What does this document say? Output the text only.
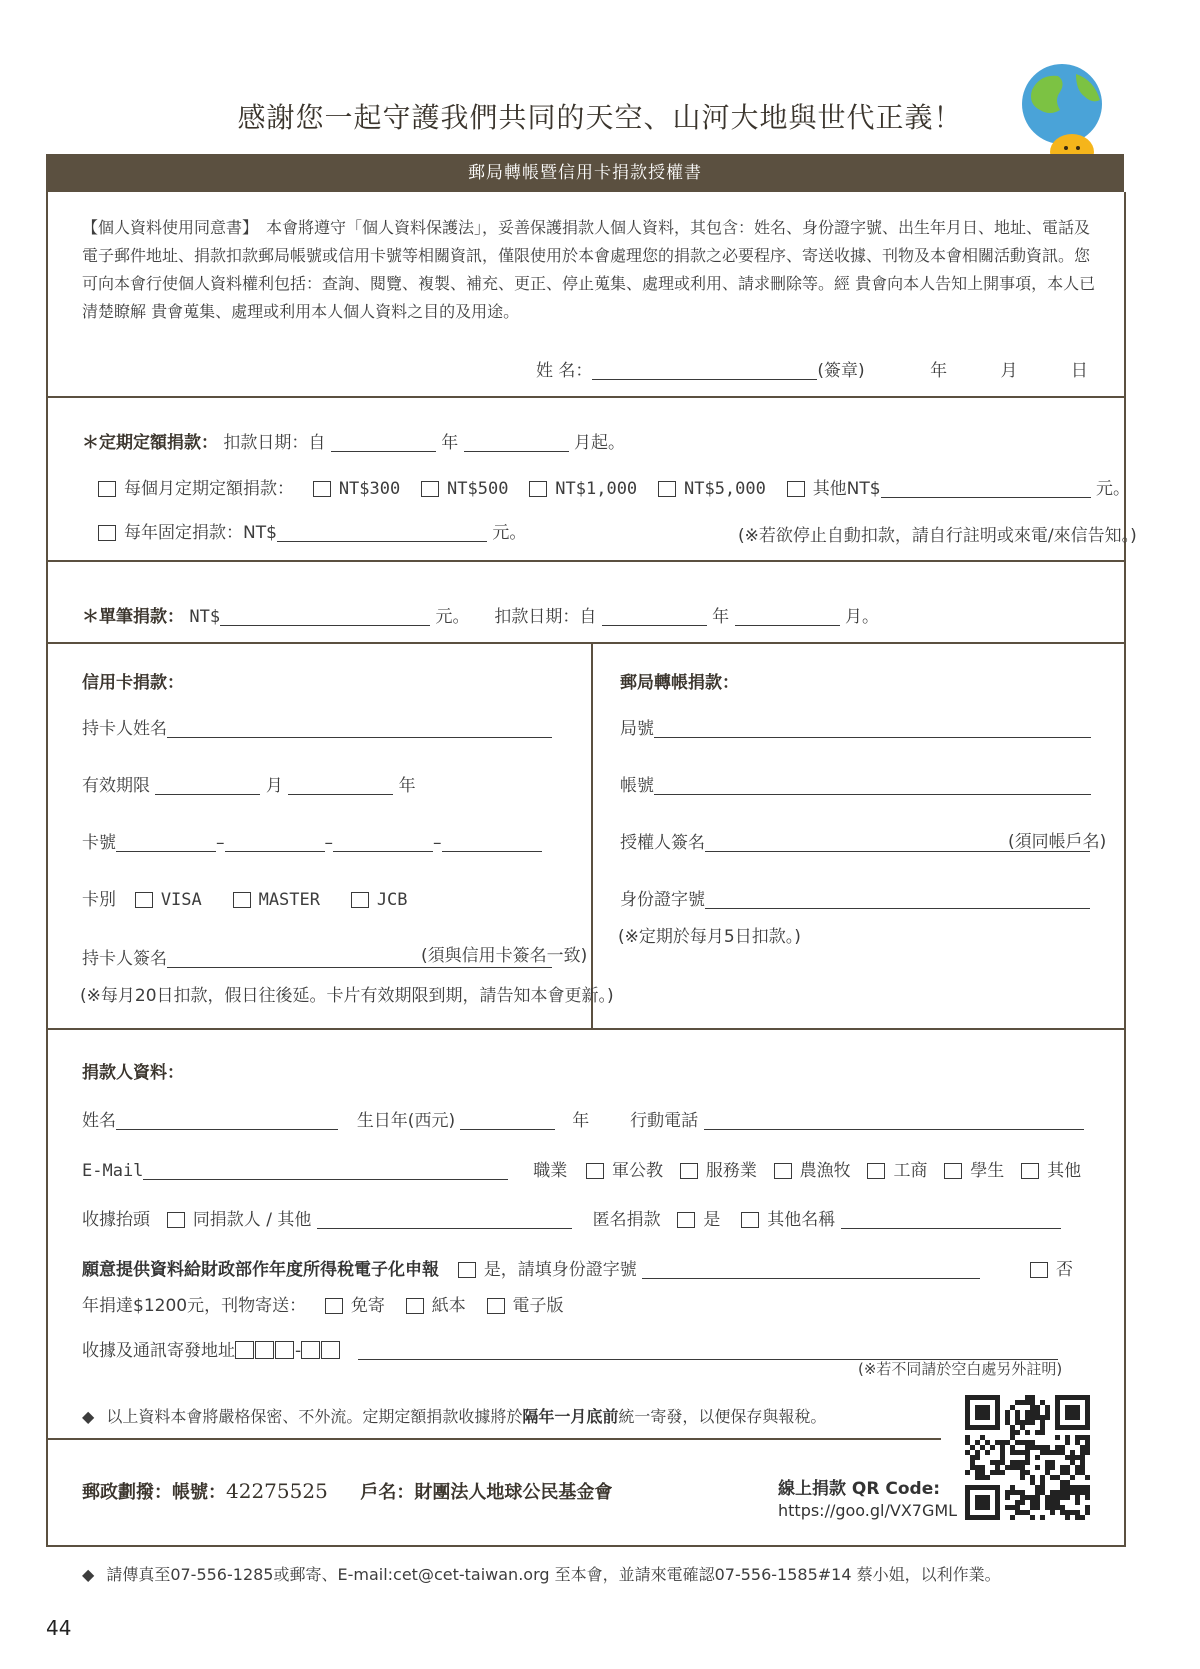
感謝您一起守護我們共同的天空、山河大地與世代正義！
郵局轉帳暨信用卡捐款授權書
【個人資料使用同意書】　本會將遵守「個人資料保護法」，妥善保護捐款人個人資料，其包含：姓名、身份證字號、出生年月日、地址、電話及電子郵件地址、捐款扣款郵局帳號或信用卡號等相關資訊，僅限使用於本會處理您的捐款之必要程序、寄送收據、刊物及本會相關活動資訊。您可向本會行使個人資料權利包括：查詢、閱覽、複製、補充、更正、停止蒐集、處理或利用、請求刪除等。經 貴會向本人告知上開事項，本人已清楚瞭解 貴會蒐集、處理或利用本人個人資料之目的及用途。
姓 名：	(簽章)	年	月	日
＊定期定額捐款： 扣款日期：自	年	月起。
每個月定期定額捐款：	NT$300	NT$500	NT$1,000	NT$5,000	其他NT$	元。
每年固定捐款：NT$	元。	(※若欲停止自動扣款，請自行註明或來電/來信告知。)
＊單筆捐款： NT$	元。 扣款日期：自	年	月。
信用卡捐款：
持卡人姓名
有效期限	月	年
卡號	–	–	–
卡別	VISA	MASTER	JCB
持卡人簽名	(須與信用卡簽名一致)
(※每月20日扣款，假日往後延。卡片有效期限到期，請告知本會更新。)
郵局轉帳捐款：
局號
帳號
授權人簽名	(須同帳戶名)
身份證字號
(※定期於每月5日扣款。)
捐款人資料：
姓名	生日年(西元)	年 行動電話
E-Mail	職業	軍公教	服務業	農漁牧	工商	學生	其他
收據抬頭	同捐款人 / 其他	匿名捐款	是	其他名稱
願意提供資料給財政部作年度所得稅電子化申報	是，請填身份證字號	否
年捐達$1200元，刊物寄送：	免寄	紙本	電子版
收據及通訊寄發地址	-
(※若不同請於空白處另外註明)
◆ 以上資料本會將嚴格保密、不外流。定期定額捐款收據將於隔年一月底前統一寄發，以便保存與報稅。
郵政劃撥：帳號：42275525 戶名：財團法人地球公民基金會	線上捐款 QR Code:
https://goo.gl/VX7GML
◆ 請傳真至07-556-1285或郵寄、E-mail:cet@cet-taiwan.org 至本會，並請來電確認07-556-1585#14 蔡小姐，以利作業。
44
